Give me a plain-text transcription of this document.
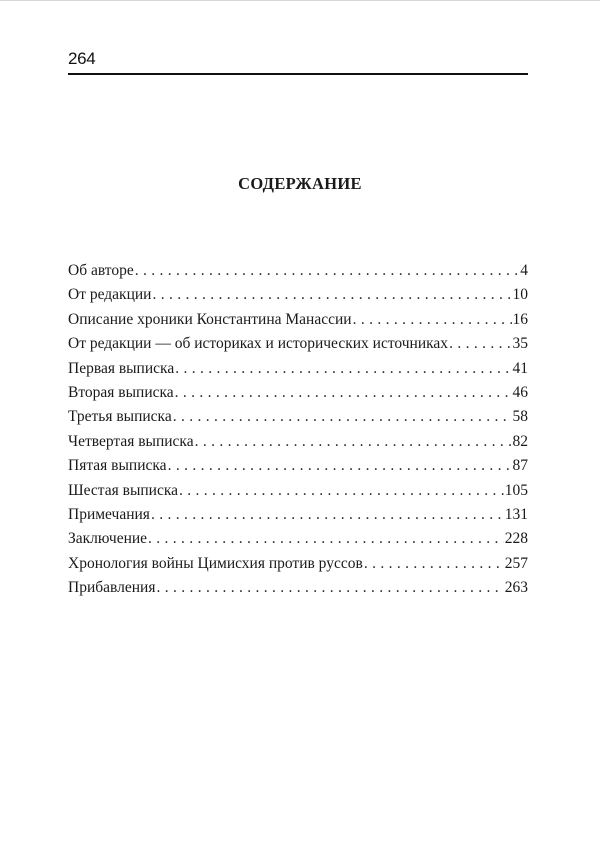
264
СОДЕРЖАНИЕ
Об авторе . . .	4
От редакции . . .	10
Описание хроники Константина Манассии . . .	16
От редакции — об историках и исторических источниках . . .	35
Первая выписка . . .	41
Вторая выписка . . .	46
Третья выписка . . .	58
Четвертая выписка . . .	82
Пятая выписка . . .	87
Шестая выписка . . .	105
Примечания . . .	131
Заключение . . .	228
Хронология войны Цимисхия против руссов . . .	257
Прибавления . . .	263
